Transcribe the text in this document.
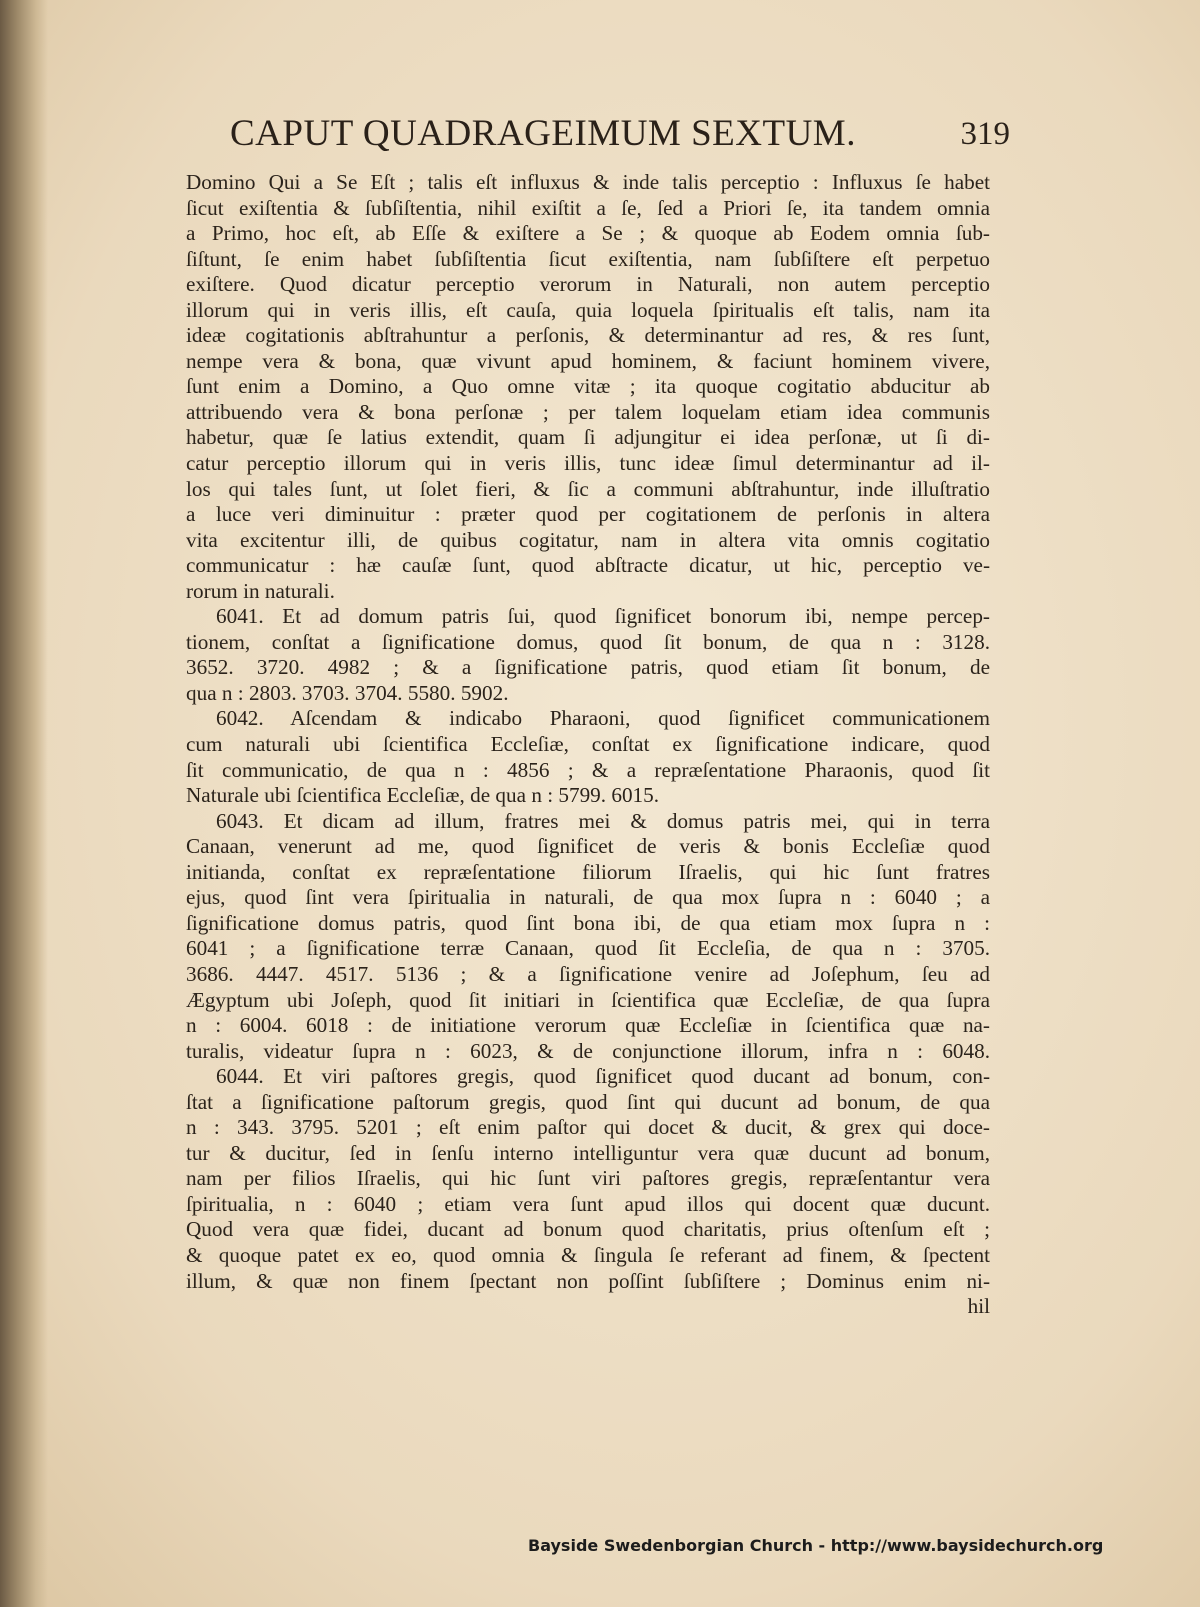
CAPUT QUADRAGEIMUM SEXTUM.	319
Domino Qui a Se Eſt ; talis eſt influxus & inde talis perceptio : Influxus ſe habet
ſicut exiſtentia & ſubſiſtentia, nihil exiſtit a ſe, ſed a Priori ſe, ita tandem omnia
a Primo, hoc eſt, ab Eſſe & exiſtere a Se ; & quoque ab Eodem omnia ſub-
ſiſtunt, ſe enim habet ſubſiſtentia ſicut exiſtentia, nam ſubſiſtere eſt perpetuo
exiſtere. Quod dicatur perceptio verorum in Naturali, non autem perceptio
illorum qui in veris illis, eſt cauſa, quia loquela ſpiritualis eſt talis, nam ita
ideæ cogitationis abſtrahuntur a perſonis, & determinantur ad res, & res ſunt,
nempe vera & bona, quæ vivunt apud hominem, & faciunt hominem vivere,
ſunt enim a Domino, a Quo omne vitæ ; ita quoque cogitatio abducitur ab
attribuendo vera & bona perſonæ ; per talem loquelam etiam idea communis
habetur, quæ ſe latius extendit, quam ſi adjungitur ei idea perſonæ, ut ſi di-
catur perceptio illorum qui in veris illis, tunc ideæ ſimul determinantur ad il-
los qui tales ſunt, ut ſolet fieri, & ſic a communi abſtrahuntur, inde illuſtratio
a luce veri diminuitur : præter quod per cogitationem de perſonis in altera
vita excitentur illi, de quibus cogitatur, nam in altera vita omnis cogitatio
communicatur : hæ cauſæ ſunt, quod abſtracte dicatur, ut hic, perceptio ve-
rorum in naturali.
6041. Et ad domum patris ſui, quod ſignificet bonorum ibi, nempe percep-
tionem, conſtat a ſignificatione domus, quod ſit bonum, de qua n : 3128.
3652. 3720. 4982 ; & a ſignificatione patris, quod etiam ſit bonum, de
qua n : 2803. 3703. 3704. 5580. 5902.
6042. Aſcendam & indicabo Pharaoni, quod ſignificet communicationem
cum naturali ubi ſcientifica Eccleſiæ, conſtat ex ſignificatione indicare, quod
ſit communicatio, de qua n : 4856 ; & a repræſentatione Pharaonis, quod ſit
Naturale ubi ſcientifica Eccleſiæ, de qua n : 5799. 6015.
6043. Et dicam ad illum, fratres mei & domus patris mei, qui in terra
Canaan, venerunt ad me, quod ſignificet de veris & bonis Eccleſiæ quod
initianda, conſtat ex repræſentatione filiorum Iſraelis, qui hic ſunt fratres
ejus, quod ſint vera ſpiritualia in naturali, de qua mox ſupra n : 6040 ; a
ſignificatione domus patris, quod ſint bona ibi, de qua etiam mox ſupra n :
6041 ; a ſignificatione terræ Canaan, quod ſit Eccleſia, de qua n : 3705.
3686. 4447. 4517. 5136 ; & a ſignificatione venire ad Joſephum, ſeu ad
Ægyptum ubi Joſeph, quod ſit initiari in ſcientifica quæ Eccleſiæ, de qua ſupra
n : 6004. 6018 : de initiatione verorum quæ Eccleſiæ in ſcientifica quæ na-
turalis, videatur ſupra n : 6023, & de conjunctione illorum, infra n : 6048.
6044. Et viri paſtores gregis, quod ſignificet quod ducant ad bonum, con-
ſtat a ſignificatione paſtorum gregis, quod ſint qui ducunt ad bonum, de qua
n : 343. 3795. 5201 ; eſt enim paſtor qui docet & ducit, & grex qui doce-
tur & ducitur, ſed in ſenſu interno intelliguntur vera quæ ducunt ad bonum,
nam per filios Iſraelis, qui hic ſunt viri paſtores gregis, repræſentantur vera
ſpiritualia, n : 6040 ; etiam vera ſunt apud illos qui docent quæ ducunt.
Quod vera quæ fidei, ducant ad bonum quod charitatis, prius oſtenſum eſt ;
& quoque patet ex eo, quod omnia & ſingula ſe referant ad finem, & ſpectent
illum, & quæ non finem ſpectant non poſſint ſubſiſtere ; Dominus enim ni-
hil
Bayside Swedenborgian Church - http://www.baysidechurch.org
